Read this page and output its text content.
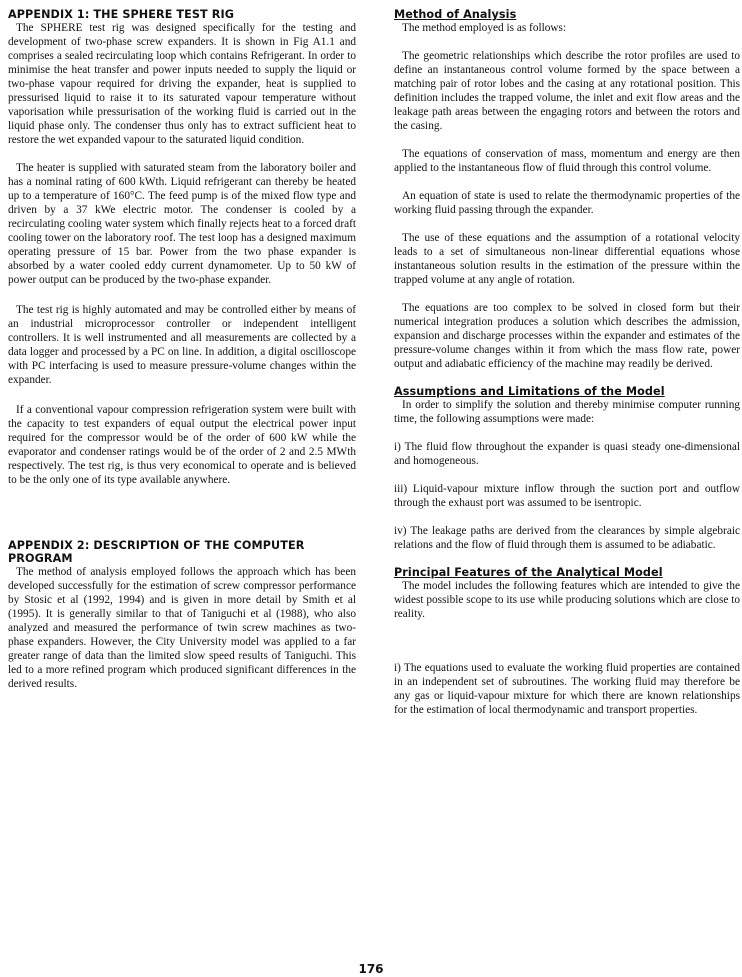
APPENDIX 1: THE SPHERE TEST RIG

The SPHERE test rig was designed specifically for the testing and development of two-phase screw expanders. It is shown in Fig A1.1 and comprises a sealed recirculating loop which contains Refrigerant. In order to minimise the heat transfer and power inputs needed to supply the liquid or two-phase vapour required for driving the expander, heat is supplied to pressurised liquid to raise it to its saturated vapour temperature without vaporisation while pressurisation of the working fluid is carried out in the liquid phase only. The condenser thus only has to extract sufficient heat to restore the wet expanded vapour to the saturated liquid condition.

The heater is supplied with saturated steam from the laboratory boiler and has a nominal rating of 600 kWth. Liquid refrigerant can thereby be heated up to a temperature of 160°C. The feed pump is of the mixed flow type and driven by a 37 kWe electric motor. The condenser is cooled by a recirculating cooling water system which finally rejects heat to a forced draft cooling tower on the laboratory roof. The test loop has a designed maximum operating pressure of 15 bar. Power from the two phase expander is absorbed by a water cooled eddy current dynamometer. Up to 50 kW of power output can be produced by the two-phase expander.

The test rig is highly automated and may be controlled either by means of an industrial microprocessor controller or independent intelligent controllers. It is well instrumented and all measurements are collected by a data logger and processed by a PC on line. In addition, a digital oscilloscope with PC interfacing is used to measure pressure-volume changes within the expander.

If a conventional vapour compression refrigeration system were built with the capacity to test expanders of equal output the electrical power input required for the compressor would be of the order of 600 kW while the evaporator and condenser ratings would be of the order of 2 and 2.5 MWth respectively. The test rig, is thus very economical to operate and is believed to be the only one of its type available anywhere.

APPENDIX 2: DESCRIPTION OF THE COMPUTER PROGRAM

The method of analysis employed follows the approach which has been developed successfully for the estimation of screw compressor performance by Stosic et al (1992, 1994) and is given in more detail by Smith et al (1995). It is generally similar to that of Taniguchi et al (1988), who also analyzed and measured the performance of twin screw machines as two-phase expanders. However, the City University model was applied to a far greater range of data than the limited slow speed results of Taniguchi. This led to a more refined program which produced significant differences in the derived results.

Method of Analysis

The method employed is as follows:

The geometric relationships which describe the rotor profiles are used to define an instantaneous control volume formed by the space between a matching pair of rotor lobes and the casing at any rotational position. This definition includes the trapped volume, the inlet and exit flow areas and the leakage path areas between the engaging rotors and between the rotors and the casing.

The equations of conservation of mass, momentum and energy are then applied to the instantaneous flow of fluid through this control volume.

An equation of state is used to relate the thermodynamic properties of the working fluid passing through the expander.

The use of these equations and the assumption of a rotational velocity leads to a set of simultaneous non-linear differential equations whose instantaneous solution results in the estimation of the pressure within the trapped volume at any angle of rotation.

The equations are too complex to be solved in closed form but their numerical integration produces a solution which describes the admission, expansion and discharge processes within the expander and estimates of the pressure-volume changes within it from which the mass flow rate, power output and adiabatic efficiency of the machine may readily be derived.

Assumptions and Limitations of the Model

In order to simplify the solution and thereby minimise computer running time, the following assumptions were made:

i) The fluid flow throughout the expander is quasi steady one-dimensional and homogeneous.

iii) Liquid-vapour mixture inflow through the suction port and outflow through the exhaust port was assumed to be isentropic.

iv) The leakage paths are derived from the clearances by simple algebraic relations and the flow of fluid through them is assumed to be adiabatic.

Principal Features of the Analytical Model

The model includes the following features which are intended to give the widest possible scope to its use while producing solutions which are close to reality.

i) The equations used to evaluate the working fluid properties are contained in an independent set of subroutines. The working fluid may therefore be any gas or liquid-vapour mixture for which there are known relationships for the estimation of local thermodynamic and transport properties.

176
